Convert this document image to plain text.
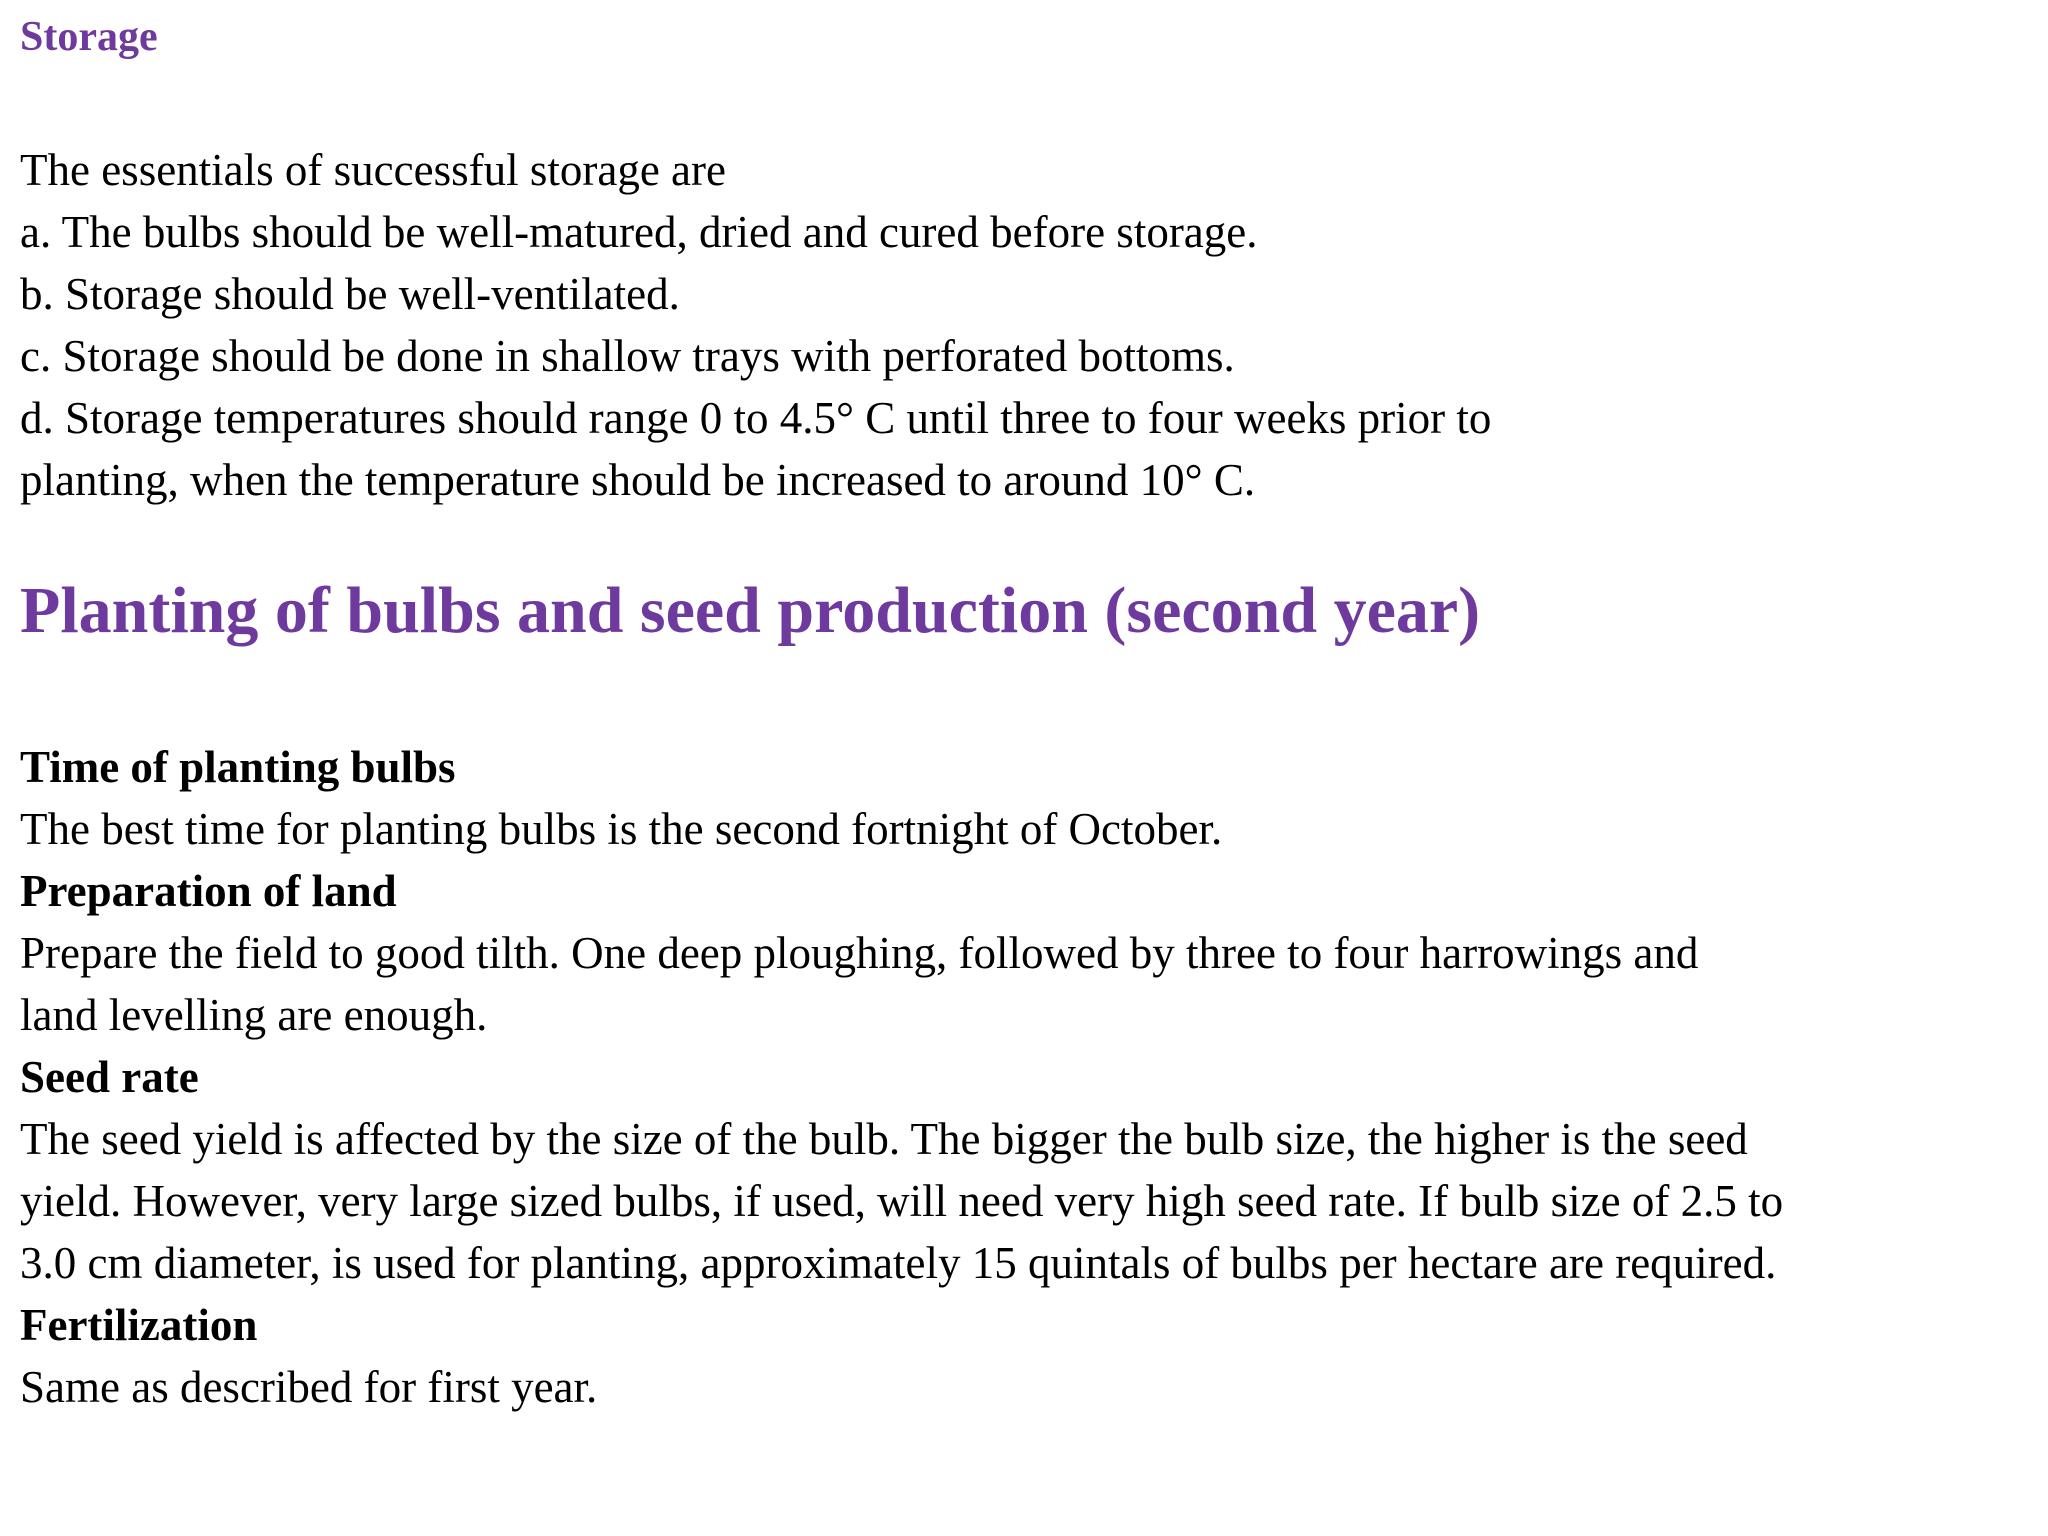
Storage

The essentials of successful storage are

a. The bulbs should be well-matured, dried and cured before storage.

b. Storage should be well-ventilated.

c. Storage should be done in shallow trays with perforated bottoms.

d. Storage temperatures should range 0 to 4.5° C until three to four weeks prior to

planting, when the temperature should be increased to around 10° C.

Planting of bulbs and seed production (second year)

Time of planting bulbs

The best time for planting bulbs is the second fortnight of October.

Preparation of land

Prepare the field to good tilth. One deep ploughing, followed by three to four harrowings and

land levelling are enough.

Seed rate

The seed yield is affected by the size of the bulb. The bigger the bulb size, the higher is the seed

yield. However, very large sized bulbs, if used, will need very high seed rate. If bulb size of 2.5 to

3.0 cm diameter, is used for planting, approximately 15 quintals of bulbs per hectare are required.

Fertilization

Same as described for first year.
